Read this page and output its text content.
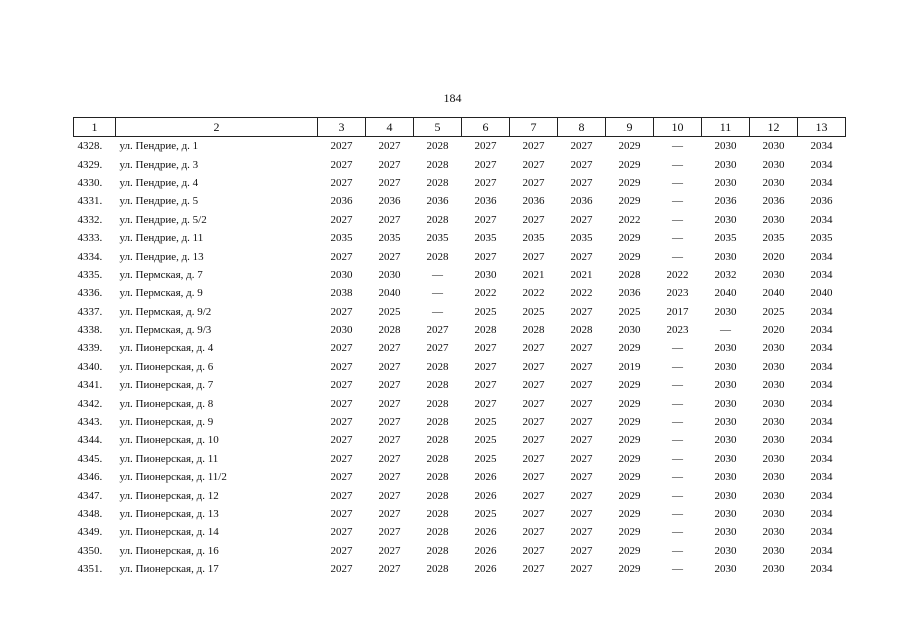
184
1	2	3	4	5	6	7	8	9	10	11	12	13
4328.	ул. Пендрие, д. 1	2027	2027	2028	2027	2027	2027	2029	—	2030	2030	2034
4329.	ул. Пендрие, д. 3	2027	2027	2028	2027	2027	2027	2029	—	2030	2030	2034
4330.	ул. Пендрие, д. 4	2027	2027	2028	2027	2027	2027	2029	—	2030	2030	2034
4331.	ул. Пендрие, д. 5	2036	2036	2036	2036	2036	2036	2029	—	2036	2036	2036
4332.	ул. Пендрие, д. 5/2	2027	2027	2028	2027	2027	2027	2022	—	2030	2030	2034
4333.	ул. Пендрие, д. 11	2035	2035	2035	2035	2035	2035	2029	—	2035	2035	2035
4334.	ул. Пендрие, д. 13	2027	2027	2028	2027	2027	2027	2029	—	2030	2020	2034
4335.	ул. Пермская, д. 7	2030	2030	—	2030	2021	2021	2028	2022	2032	2030	2034
4336.	ул. Пермская, д. 9	2038	2040	—	2022	2022	2022	2036	2023	2040	2040	2040
4337.	ул. Пермская, д. 9/2	2027	2025	—	2025	2025	2027	2025	2017	2030	2025	2034
4338.	ул. Пермская, д. 9/3	2030	2028	2027	2028	2028	2028	2030	2023	—	2020	2034
4339.	ул. Пионерская, д. 4	2027	2027	2027	2027	2027	2027	2029	—	2030	2030	2034
4340.	ул. Пионерская, д. 6	2027	2027	2028	2027	2027	2027	2019	—	2030	2030	2034
4341.	ул. Пионерская, д. 7	2027	2027	2028	2027	2027	2027	2029	—	2030	2030	2034
4342.	ул. Пионерская, д. 8	2027	2027	2028	2027	2027	2027	2029	—	2030	2030	2034
4343.	ул. Пионерская, д. 9	2027	2027	2028	2025	2027	2027	2029	—	2030	2030	2034
4344.	ул. Пионерская, д. 10	2027	2027	2028	2025	2027	2027	2029	—	2030	2030	2034
4345.	ул. Пионерская, д. 11	2027	2027	2028	2025	2027	2027	2029	—	2030	2030	2034
4346.	ул. Пионерская, д. 11/2	2027	2027	2028	2026	2027	2027	2029	—	2030	2030	2034
4347.	ул. Пионерская, д. 12	2027	2027	2028	2026	2027	2027	2029	—	2030	2030	2034
4348.	ул. Пионерская, д. 13	2027	2027	2028	2025	2027	2027	2029	—	2030	2030	2034
4349.	ул. Пионерская, д. 14	2027	2027	2028	2026	2027	2027	2029	—	2030	2030	2034
4350.	ул. Пионерская, д. 16	2027	2027	2028	2026	2027	2027	2029	—	2030	2030	2034
4351.	ул. Пионерская, д. 17	2027	2027	2028	2026	2027	2027	2029	—	2030	2030	2034
